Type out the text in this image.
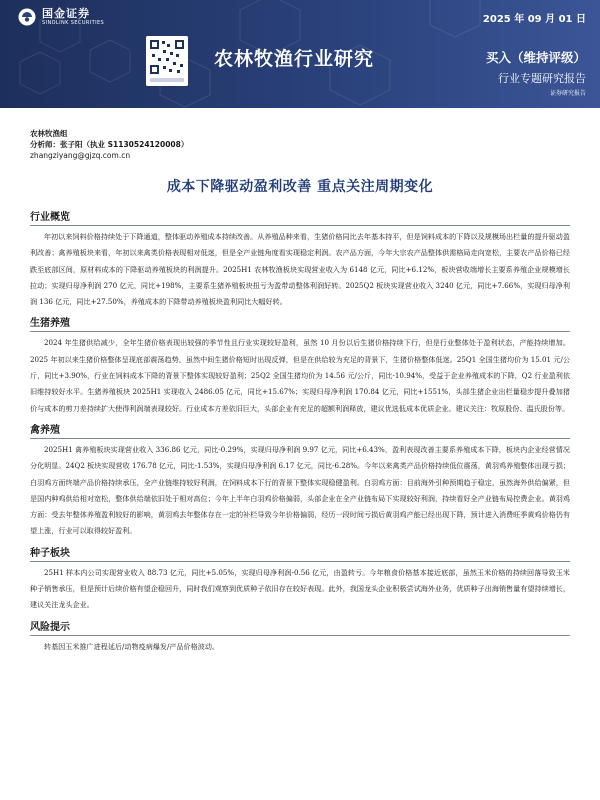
国金证券
SINOLINK SECURITIES
农林牧渔行业研究
2025 年 09 月 01 日
买入（维持评级）
行业专题研究报告
证券研究报告
农林牧渔组
分析师：张子阳（执业 S1130524120008）
zhangziyang@gjzq.com.cn
成本下降驱动盈利改善 重点关注周期变化
行业概览

年初以来饲料价格持续处于下降通道，整体驱动养殖成本持续改善。从养殖品种来看，生猪价格同比去年基本持平，但是饲料成本的下降以及规模场出栏量的提升驱动盈利改善；禽养殖板块来看，年初以来禽类价格表现相对低迷，但是全产业链角度看实现稳定利润。农产品方面，今年大宗农产品整体供需格局走向宽松，主要农产品价格已经跌至底部区间，原材料成本的下降驱动养殖板块的利润提升。2025H1 农林牧渔板块实现营业收入为 6148 亿元，同比+6.12%，板块营收端增长主要系养殖企业规模增长拉动；实现归母净利润 270 亿元，同比+198%，主要系生猪养殖板块扭亏为盈带动整体利润好转。2025Q2 板块实现营业收入 3240 亿元，同比+7.66%，实现归母净利润 136 亿元，同比+27.50%，养殖成本的下降带动养殖板块盈利同比大幅好转。

生猪养殖

2024 年生猪供给减少，全年生猪价格表现出较强的季节性且行业实现较好盈利，虽然 10 月份以后生猪价格持续下行，但是行业整体处于盈利状态，产能持续增加。2025 年初以来生猪价格整体呈现底部震荡趋势，虽然中间生猪价格短时出现反弹，但是在供给较为充足的背景下，生猪价格整体低迷。25Q1 全国生猪均价为 15.01 元/公斤，同比+3.90%，行业在饲料成本下降的背景下整体实现较好盈利；25Q2 全国生猪均价为 14.56 元/公斤，同比-10.94%，受益于企业养殖成本的下降，Q2 行业盈利依旧维持较好水平。生猪养殖板块 2025H1 实现收入 2486.05 亿元，同比+15.67%；实现归母净利润 170.84 亿元，同比+1551%，头部生猪企业出栏量稳步提升叠加猪价与成本的剪刀差持续扩大使得利润端表现较好。行业成本方差依旧巨大，头部企业有充足的超额利润释放，建议优选低成本优质企业。建议关注：牧原股份、温氏股份等。

禽养殖

2025H1 禽养殖板块实现营业收入 336.86 亿元，同比-0.29%，实现归母净利润 9.97 亿元，同比+6.43%，盈利表现改善主要系养殖成本下降，板块内企业经营情况分化明显。24Q2 板块实现营收 176.78 亿元，同比-1.53%，实现归母净利润 6.17 亿元，同比-6.28%。今年以来禽类产品价格持续低位震荡，黄羽鸡养殖整体出现亏损；白羽鸡方面终端产品价格持续承压，全产业链维持较好利润，在饲料成本下行的背景下整体实现稳健盈利。白羽鸡方面：目前海外引种预期趋于稳定，虽然海外供给偏紧，但是国内种鸡供给相对宽松，整体供给端依旧处于相对高位；今年上半年白羽鸡价格偏弱，头部企业在全产业链布局下实现较好利润，持续看好全产业链布局控费企业。黄羽鸡方面：受去年整体养殖盈利较好的影响，黄羽鸡去年整体存在一定的补栏导致今年价格偏弱，经历一段时间亏损后黄羽鸡产能已经出现下降，预计进入消费旺季黄鸡价格仍有望上涨，行业可以取得较好盈利。

种子板块

25H1 样本内公司实现营业收入 88.73 亿元，同比+5.05%，实现归母净利润-0.56 亿元，由盈转亏。今年粮食价格基本接近底部，虽然玉米价格的持续回落导致玉米种子销售承压，但是预计后续价格有望企稳回升，同时我们观察到优质种子依旧存在较好表现。此外，我国龙头企业积极尝试海外业务，优质种子出海销售量有望持续增长，建议关注龙头企业。

风险提示

转基因玉米推广进程延后/动物疫病爆发/产品价格波动。
